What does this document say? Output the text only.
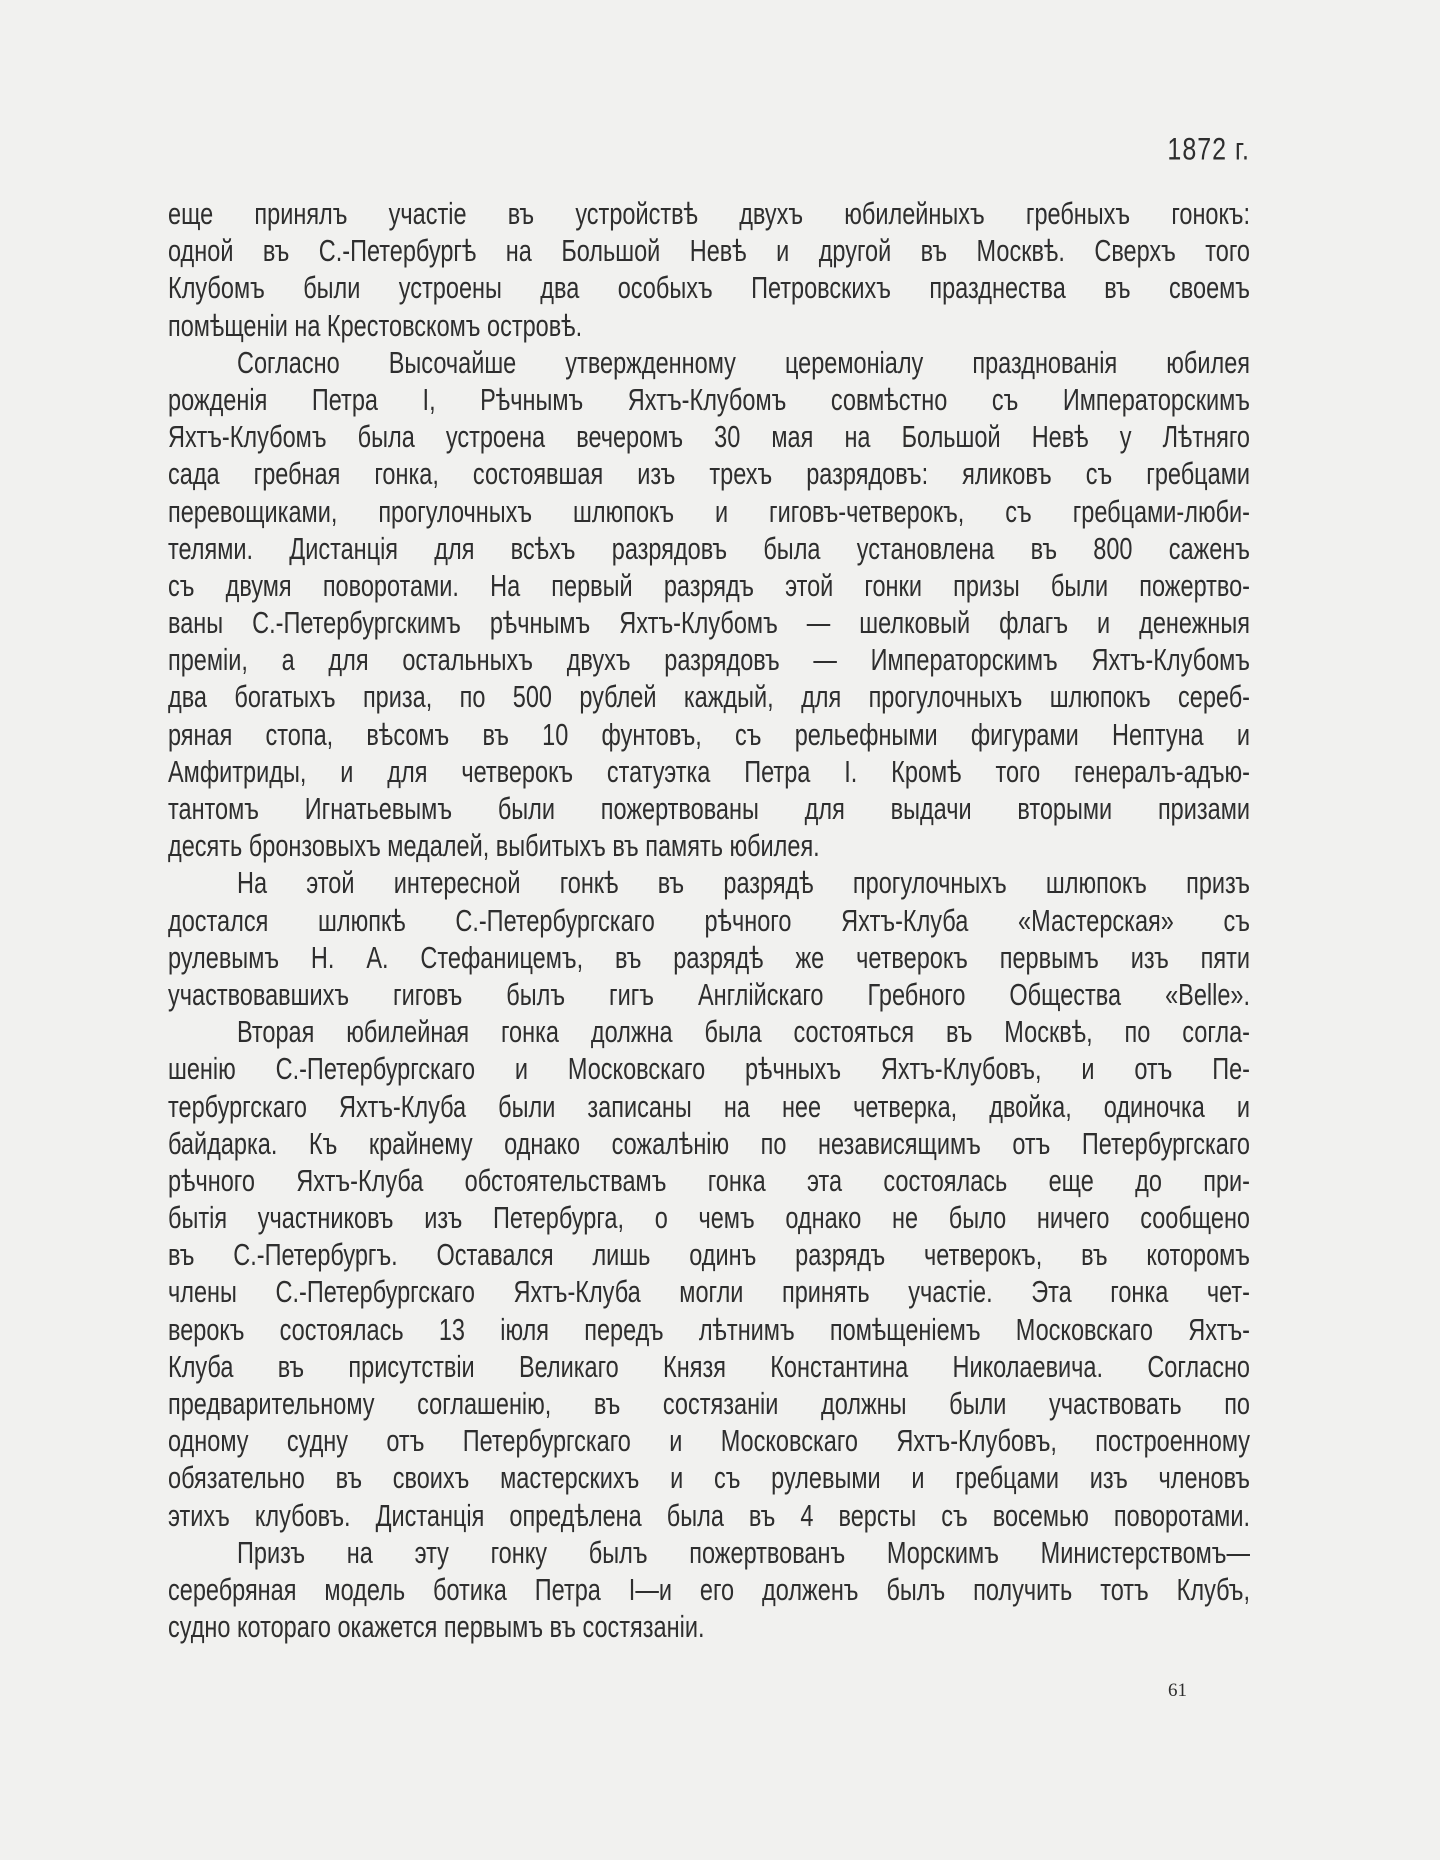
1872 г.
еще принялъ участіе въ устройствѣ двухъ юбилейныхъ гребныхъ гонокъ:
одной въ С.-Петербургѣ на Большой Невѣ и другой въ Москвѣ. Сверхъ того
Клубомъ были устроены два особыхъ Петровскихъ празднества въ своемъ
помѣщеніи на Крестовскомъ островѣ.
Согласно Высочайше утвержденному церемоніалу празднованія юбилея
рожденія Петра I, Рѣчнымъ Яхтъ-Клубомъ совмѣстно съ Императорскимъ
Яхтъ-Клубомъ была устроена вечеромъ 30 мая на Большой Невѣ у Лѣтняго
сада гребная гонка, состоявшая изъ трехъ разрядовъ: яликовъ съ гребцами
перевощиками, прогулочныхъ шлюпокъ и гиговъ-четверокъ, съ гребцами-люби-
телями. Дистанція для всѣхъ разрядовъ была установлена въ 800 саженъ
съ двумя поворотами. На первый разрядъ этой гонки призы были пожертво-
ваны С.-Петербургскимъ рѣчнымъ Яхтъ-Клубомъ — шелковый флагъ и денежныя
преміи, а для остальныхъ двухъ разрядовъ — Императорскимъ Яхтъ-Клубомъ
два богатыхъ приза, по 500 рублей каждый, для прогулочныхъ шлюпокъ сереб-
ряная стопа, вѣсомъ въ 10 фунтовъ, съ рельефными фигурами Нептуна и
Амфитриды, и для четверокъ статуэтка Петра I. Кромѣ того генералъ-адъю-
тантомъ Игнатьевымъ были пожертвованы для выдачи вторыми призами
десять бронзовыхъ медалей, выбитыхъ въ память юбилея.
На этой интересной гонкѣ въ разрядѣ прогулочныхъ шлюпокъ призъ
достался шлюпкѣ С.-Петербургскаго рѣчного Яхтъ-Клуба «Мастерская» съ
рулевымъ Н. А. Стефаницемъ, въ разрядѣ же четверокъ первымъ изъ пяти
участвовавшихъ гиговъ былъ гигъ Англійскаго Гребного Общества «Belle».
Вторая юбилейная гонка должна была состояться въ Москвѣ, по согла-
шенію С.-Петербургскаго и Московскаго рѣчныхъ Яхтъ-Клубовъ, и отъ Пе-
тербургскаго Яхтъ-Клуба были записаны на нее четверка, двойка, одиночка и
байдарка. Къ крайнему однако сожалѣнію по независящимъ отъ Петербургскаго
рѣчного Яхтъ-Клуба обстоятельствамъ гонка эта состоялась еще до при-
бытія участниковъ изъ Петербурга, о чемъ однако не было ничего сообщено
въ С.-Петербургъ. Оставался лишь одинъ разрядъ четверокъ, въ которомъ
члены С.-Петербургскаго Яхтъ-Клуба могли принять участіе. Эта гонка чет-
верокъ состоялась 13 іюля передъ лѣтнимъ помѣщеніемъ Московскаго Яхтъ-
Клуба въ присутствіи Великаго Князя Константина Николаевича. Согласно
предварительному соглашенію, въ состязаніи должны были участвовать по
одному судну отъ Петербургскаго и Московскаго Яхтъ-Клубовъ, построенному
обязательно въ своихъ мастерскихъ и съ рулевыми и гребцами изъ членовъ
этихъ клубовъ. Дистанція опредѣлена была въ 4 версты съ восемью поворотами.
Призъ на эту гонку былъ пожертвованъ Морскимъ Министерствомъ—
серебряная модель ботика Петра I—и его долженъ былъ получить тотъ Клубъ,
судно котораго окажется первымъ въ состязаніи.
61
